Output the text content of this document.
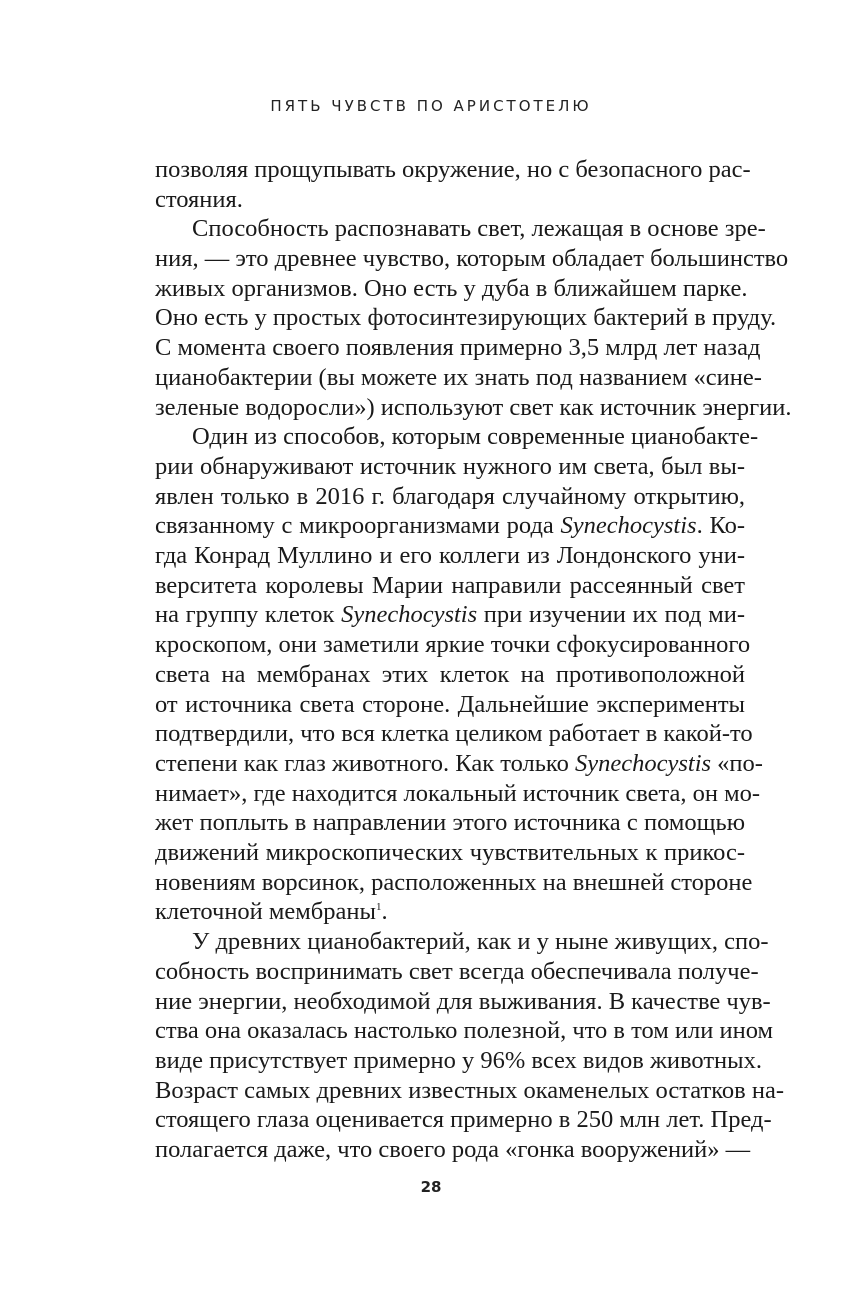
ПЯТЬ ЧУВСТВ ПО АРИСТОТЕЛЮ
позволяя прощупывать окружение, но с безопасного рас-
стояния.
Способность распознавать свет, лежащая в основе зре-
ния, — это древнее чувство, которым обладает большинство
живых организмов. Оно есть у дуба в ближайшем парке.
Оно есть у простых фотосинтезирующих бактерий в пруду.
С момента своего появления примерно 3,5 млрд лет назад
цианобактерии (вы можете их знать под названием «сине-
зеленые водоросли») используют свет как источник энергии.
Один из способов, которым современные цианобакте-
рии обнаруживают источник нужного им света, был вы-
явлен только в 2016 г. благодаря случайному открытию,
связанному с микроорганизмами рода Synechocystis. Ко-
гда Конрад Муллино и его коллеги из Лондонского уни-
верситета королевы Марии направили рассеянный свет
на группу клеток Synechocystis при изучении их под ми-
кроскопом, они заметили яркие точки сфокусированного
света на мембранах этих клеток на противоположной
от источника света стороне. Дальнейшие эксперименты
подтвердили, что вся клетка целиком работает в какой-то
степени как глаз животного. Как только Synechocystis «по-
нимает», где находится локальный источник света, он мо-
жет поплыть в направлении этого источника с помощью
движений микроскопических чувствительных к прикос-
новениям ворсинок, расположенных на внешней стороне
клеточной мембраны$^1$.
У древних цианобактерий, как и у ныне живущих, спо-
собность воспринимать свет всегда обеспечивала получе-
ние энергии, необходимой для выживания. В качестве чув-
ства она оказалась настолько полезной, что в том или ином
виде присутствует примерно у 96% всех видов животных.
Возраст самых древних известных окаменелых остатков на-
стоящего глаза оценивается примерно в 250 млн лет. Пред-
полагается даже, что своего рода «гонка вооружений» —
28
